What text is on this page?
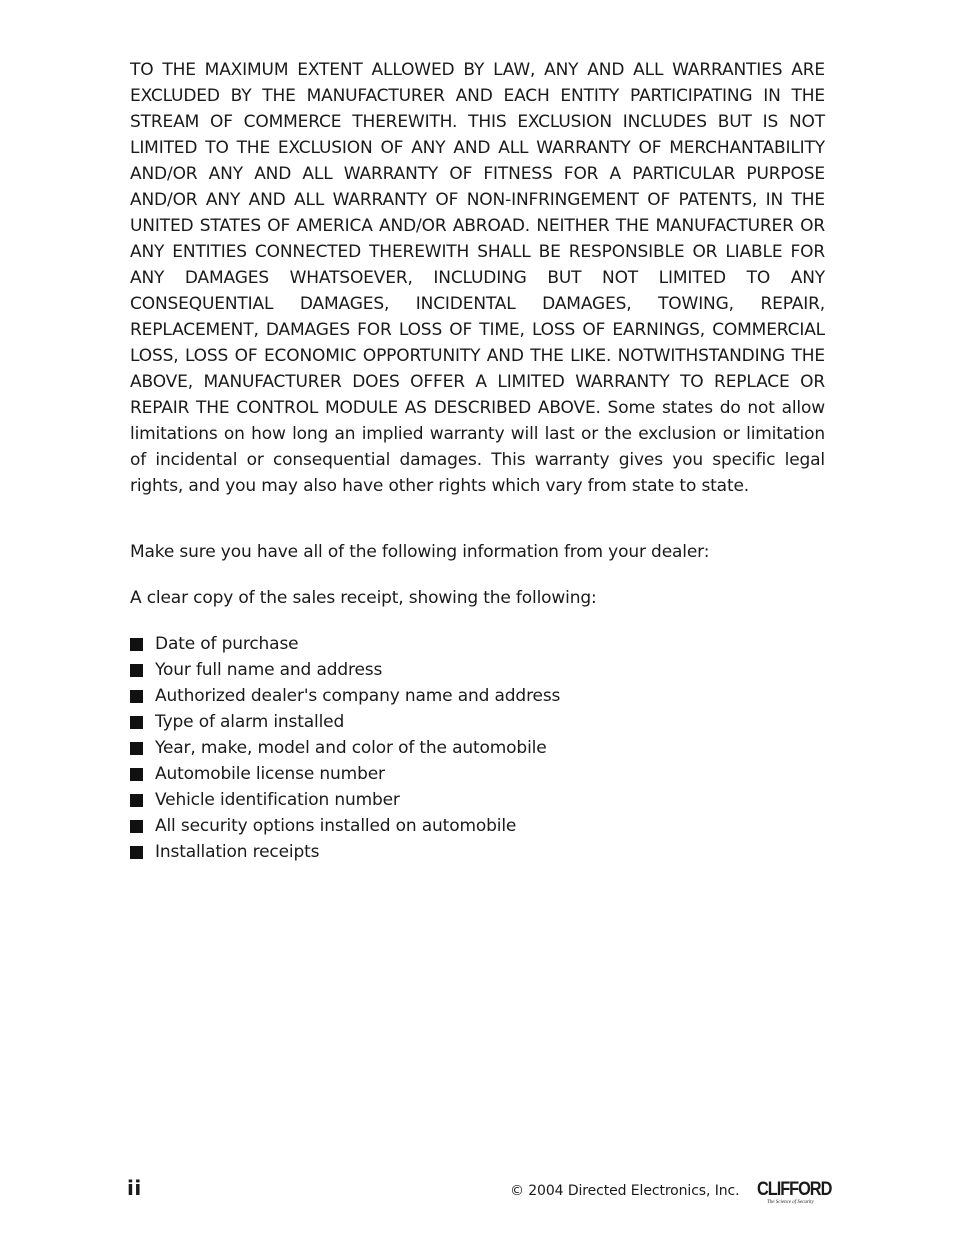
TO THE MAXIMUM EXTENT ALLOWED BY LAW, ANY AND ALL WARRANTIES ARE EXCLUDED BY THE MANUFACTURER AND EACH ENTITY PARTICIPATING IN THE STREAM OF COMMERCE THEREWITH. THIS EXCLUSION INCLUDES BUT IS NOT LIMITED TO THE EXCLUSION OF ANY AND ALL WARRANTY OF MERCHANTABILITY AND/OR ANY AND ALL WARRANTY OF FITNESS FOR A PARTICULAR PURPOSE AND/OR ANY AND ALL WARRANTY OF NON-INFRINGEMENT OF PATENTS, IN THE UNITED STATES OF AMERICA AND/OR ABROAD. NEITHER THE MANUFACTURER OR ANY ENTITIES CONNECTED THEREWITH SHALL BE RESPONSIBLE OR LIABLE FOR ANY DAMAGES WHATSOEVER, INCLUDING BUT NOT LIMITED TO ANY CONSEQUENTIAL DAMAGES, INCIDENTAL DAMAGES, TOWING, REPAIR, REPLACEMENT, DAMAGES FOR LOSS OF TIME, LOSS OF EARNINGS, COMMERCIAL LOSS, LOSS OF ECONOMIC OPPORTUNITY AND THE LIKE. NOTWITHSTANDING THE ABOVE, MANUFACTURER DOES OFFER A LIMITED WARRANTY TO REPLACE OR REPAIR THE CONTROL MODULE AS DESCRIBED ABOVE. Some states do not allow limitations on how long an implied warranty will last or the exclusion or limitation of incidental or consequential damages. This warranty gives you specific legal rights, and you may also have other rights which vary from state to state.

Make sure you have all of the following information from your dealer:

A clear copy of the sales receipt, showing the following:

Date of purchase
Your full name and address
Authorized dealer's company name and address
Type of alarm installed
Year, make, model and color of the automobile
Automobile license number
Vehicle identification number
All security options installed on automobile
Installation receipts
ii	© 2004 Directed Electronics, Inc. CLIFFORD
The Science of Security
